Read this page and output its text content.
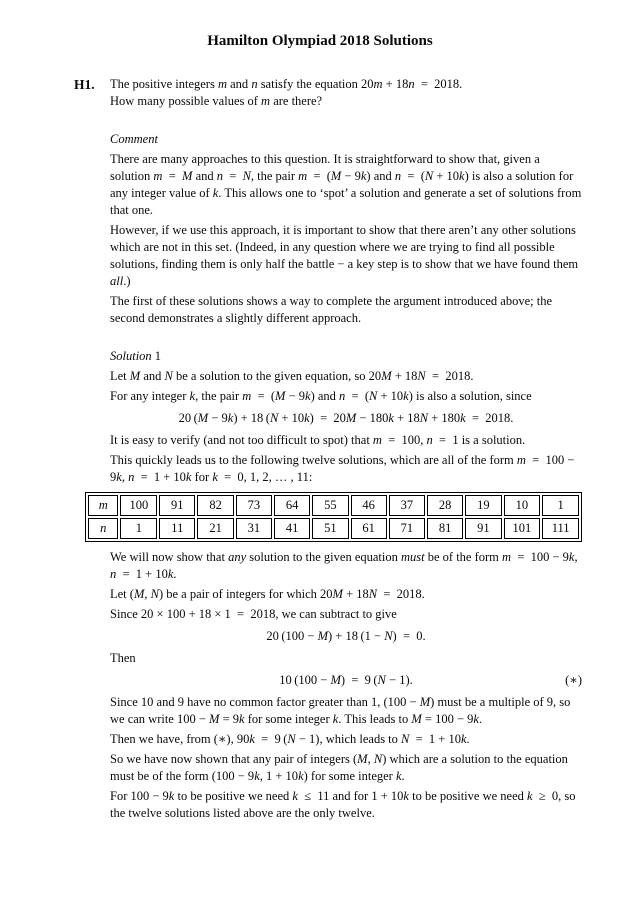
Hamilton Olympiad 2018 Solutions
H1. The positive integers m and n satisfy the equation 20m + 18n = 2018.
How many possible values of m are there?
Comment
There are many approaches to this question. It is straightforward to show that, given a solution m = M and n = N, the pair m = (M − 9k) and n = (N + 10k) is also a solution for any integer value of k. This allows one to ‘spot’ a solution and generate a set of solutions from that one.
However, if we use this approach, it is important to show that there aren’t any other solutions which are not in this set. (Indeed, in any question where we are trying to find all possible solutions, finding them is only half the battle − a key step is to show that we have found them all.)
The first of these solutions shows a way to complete the argument introduced above; the second demonstrates a slightly different approach.
Solution 1
Let M and N be a solution to the given equation, so 20M + 18N = 2018.
For any integer k, the pair m = (M − 9k) and n = (N + 10k) is also a solution, since
20 (M − 9k) + 18 (N + 10k) = 20M − 180k + 18N + 180k = 2018.
It is easy to verify (and not too difficult to spot) that m = 100, n = 1 is a solution.
This quickly leads us to the following twelve solutions, which are all of the form m = 100 − 9k, n = 1 + 10k for k = 0, 1, 2, … , 11:
m	100	91	82	73	64	55	46	37	28	19	10	1
n	1	11	21	31	41	51	61	71	81	91	101	111
We will now show that any solution to the given equation must be of the form m = 100 − 9k, n = 1 + 10k.
Let (M, N) be a pair of integers for which 20M + 18N = 2018.
Since 20 × 100 + 18 × 1 = 2018, we can subtract to give
20 (100 − M) + 18 (1 − N) = 0.
Then
10 (100 − M) = 9 (N − 1).	(∗)
Since 10 and 9 have no common factor greater than 1, (100 − M) must be a multiple of 9, so we can write 100 − M = 9k for some integer k. This leads to M = 100 − 9k.
Then we have, from (∗), 90k = 9 (N − 1), which leads to N = 1 + 10k.
So we have now shown that any pair of integers (M, N) which are a solution to the equation must be of the form (100 − 9k, 1 + 10k) for some integer k.
For 100 − 9k to be positive we need k ≤ 11 and for 1 + 10k to be positive we need k ≥ 0, so the twelve solutions listed above are the only twelve.
